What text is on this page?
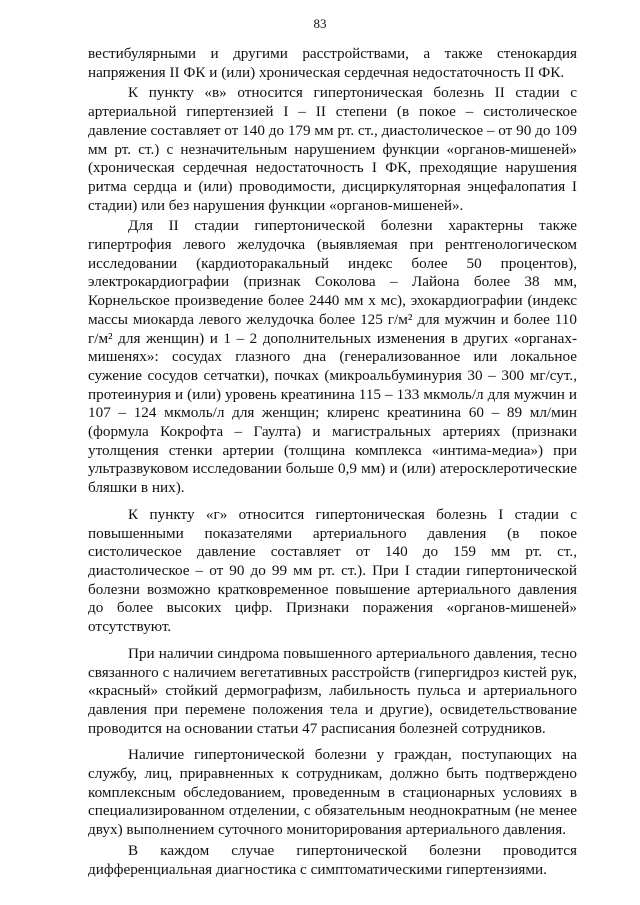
83

вестибулярными и другими расстройствами, а также стенокардия напряжения II ФК и (или) хроническая сердечная недостаточность II ФК.

К пункту «в» относится гипертоническая болезнь II стадии с артериальной гипертензией I – II степени (в покое – систолическое давление составляет от 140 до 179 мм рт. ст., диастолическое – от 90 до 109 мм рт. ст.) с незначительным нарушением функции «органов-мишеней» (хроническая сердечная недостаточность I ФК, преходящие нарушения ритма сердца и (или) проводимости, дисциркуляторная энцефалопатия I стадии) или без нарушения функции «органов-мишеней».

Для II стадии гипертонической болезни характерны также гипертрофия левого желудочка (выявляемая при рентгенологическом исследовании (кардиоторакальный индекс более 50 процентов), электрокардиографии (признак Соколова – Лайона более 38 мм, Корнельское произведение более 2440 мм x мс), эхокардиографии (индекс массы миокарда левого желудочка более 125 г/м² для мужчин и более 110 г/м² для женщин) и 1 – 2 дополнительных изменения в других «органах-мишенях»: сосудах глазного дна (генерализованное или локальное сужение сосудов сетчатки), почках (микроальбуминурия 30 – 300 мг/сут., протеинурия и (или) уровень креатинина 115 – 133 мкмоль/л для мужчин и 107 – 124 мкмоль/л для женщин; клиренс креатинина 60 – 89 мл/мин (формула Кокрофта – Гаулта) и магистральных артериях (признаки утолщения стенки артерии (толщина комплекса «интима-медиа») при ультразвуковом исследовании больше 0,9 мм) и (или) атеросклеротические бляшки в них).

К пункту «г» относится гипертоническая болезнь I стадии с повышенными показателями артериального давления (в покое систолическое давление составляет от 140 до 159 мм рт. ст., диастолическое – от 90 до 99 мм рт. ст.). При I стадии гипертонической болезни возможно кратковременное повышение артериального давления до более высоких цифр. Признаки поражения «органов-мишеней» отсутствуют.

При наличии синдрома повышенного артериального давления, тесно связанного с наличием вегетативных расстройств (гипергидроз кистей рук, «красный» стойкий дермографизм, лабильность пульса и артериального давления при перемене положения тела и другие), освидетельствование проводится на основании статьи 47 расписания болезней сотрудников.

Наличие гипертонической болезни у граждан, поступающих на службу, лиц, приравненных к сотрудникам, должно быть подтверждено комплексным обследованием, проведенным в стационарных условиях в специализированном отделении, с обязательным неоднократным (не менее двух) выполнением суточного мониторирования артериального давления.

В каждом случае гипертонической болезни проводится дифференциальная диагностика с симптоматическими гипертензиями.
